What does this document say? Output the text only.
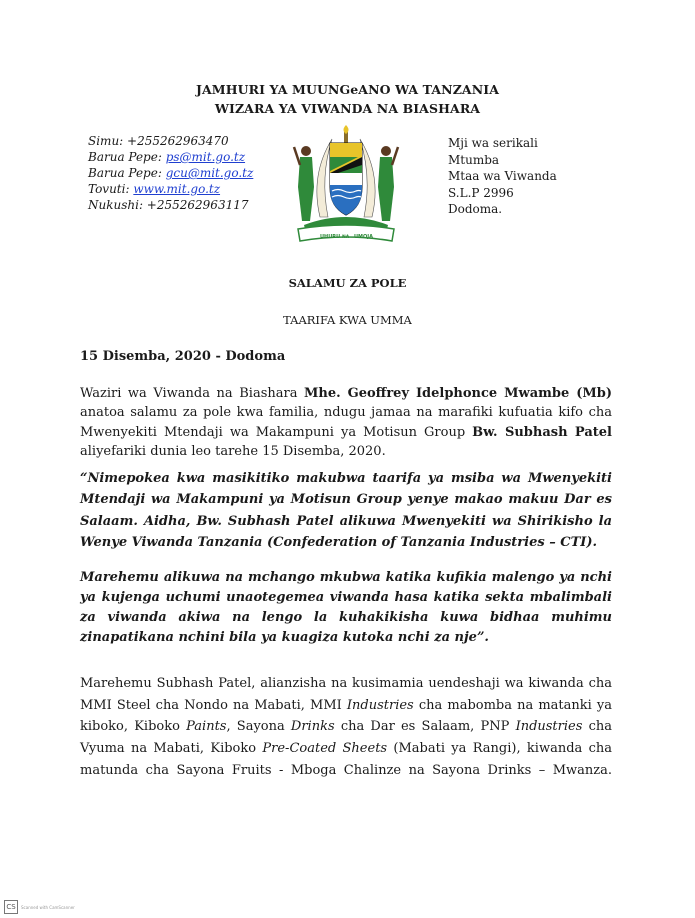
JAMHURI YA MUUNGeANO WA TANZANIA
WIZARA YA VIWANDA NA BIASHARA
Simu: +255262963470
Barua Pepe: ps@mit.go.tz
Barua Pepe: gcu@mit.go.tz
Tovuti: www.mit.go.tz
Nukushi: +255262963117
UHURU NA UMOJA
Mji wa serikali
Mtumba
Mtaa wa Viwanda
S.L.P 2996
Dodoma.
SALAMU ZA POLE
TAARIFA KWA UMMA
15 Disemba, 2020 - Dodoma
Waziri wa Viwanda na Biashara Mhe. Geoffrey Idelphonce Mwambe (Mb)
anatoa salamu za pole kwa familia, ndugu jamaa na marafiki kufuatia kifo cha
Mwenyekiti Mtendaji wa Makampuni ya Motisun Group Bw. Subhash Patel
aliyefariki dunia leo tarehe 15 Disemba, 2020.
“Nimepokea kwa masikitiko makubwa taarifa ya msiba wa Mwenyekiti
Mtendaji wa Makampuni ya Motisun Group yenye makao makuu Dar es
Salaam. Aidha, Bw. Subhash Patel alikuwa Mwenyekiti wa Shirikisho la
Wenye Viwanda Tanzania (Confederation of Tanzania Industries – CTI).
Marehemu alikuwa na mchango mkubwa katika kufikia malengo ya nchi
ya kujenga uchumi unaotegemea viwanda hasa katika sekta mbalimbali
za viwanda akiwa na lengo la kuhakikisha kuwa bidhaa muhimu
zinapatikana nchini bila ya kuagiza kutoka nchi za nje”.
Marehemu Subhash Patel, alianzisha na kusimamia uendeshaji wa kiwanda cha
MMI Steel cha Nondo na Mabati, MMI Industries cha mabomba na matanki ya
kiboko, Kiboko Paints, Sayona Drinks cha Dar es Salaam, PNP Industries cha
Vyuma na Mabati, Kiboko Pre-Coated Sheets (Mabati ya Rangi), kiwanda cha
matunda cha Sayona Fruits - Mboga Chalinze na Sayona Drinks – Mwanza.
CS	Scanned with CamScanner
